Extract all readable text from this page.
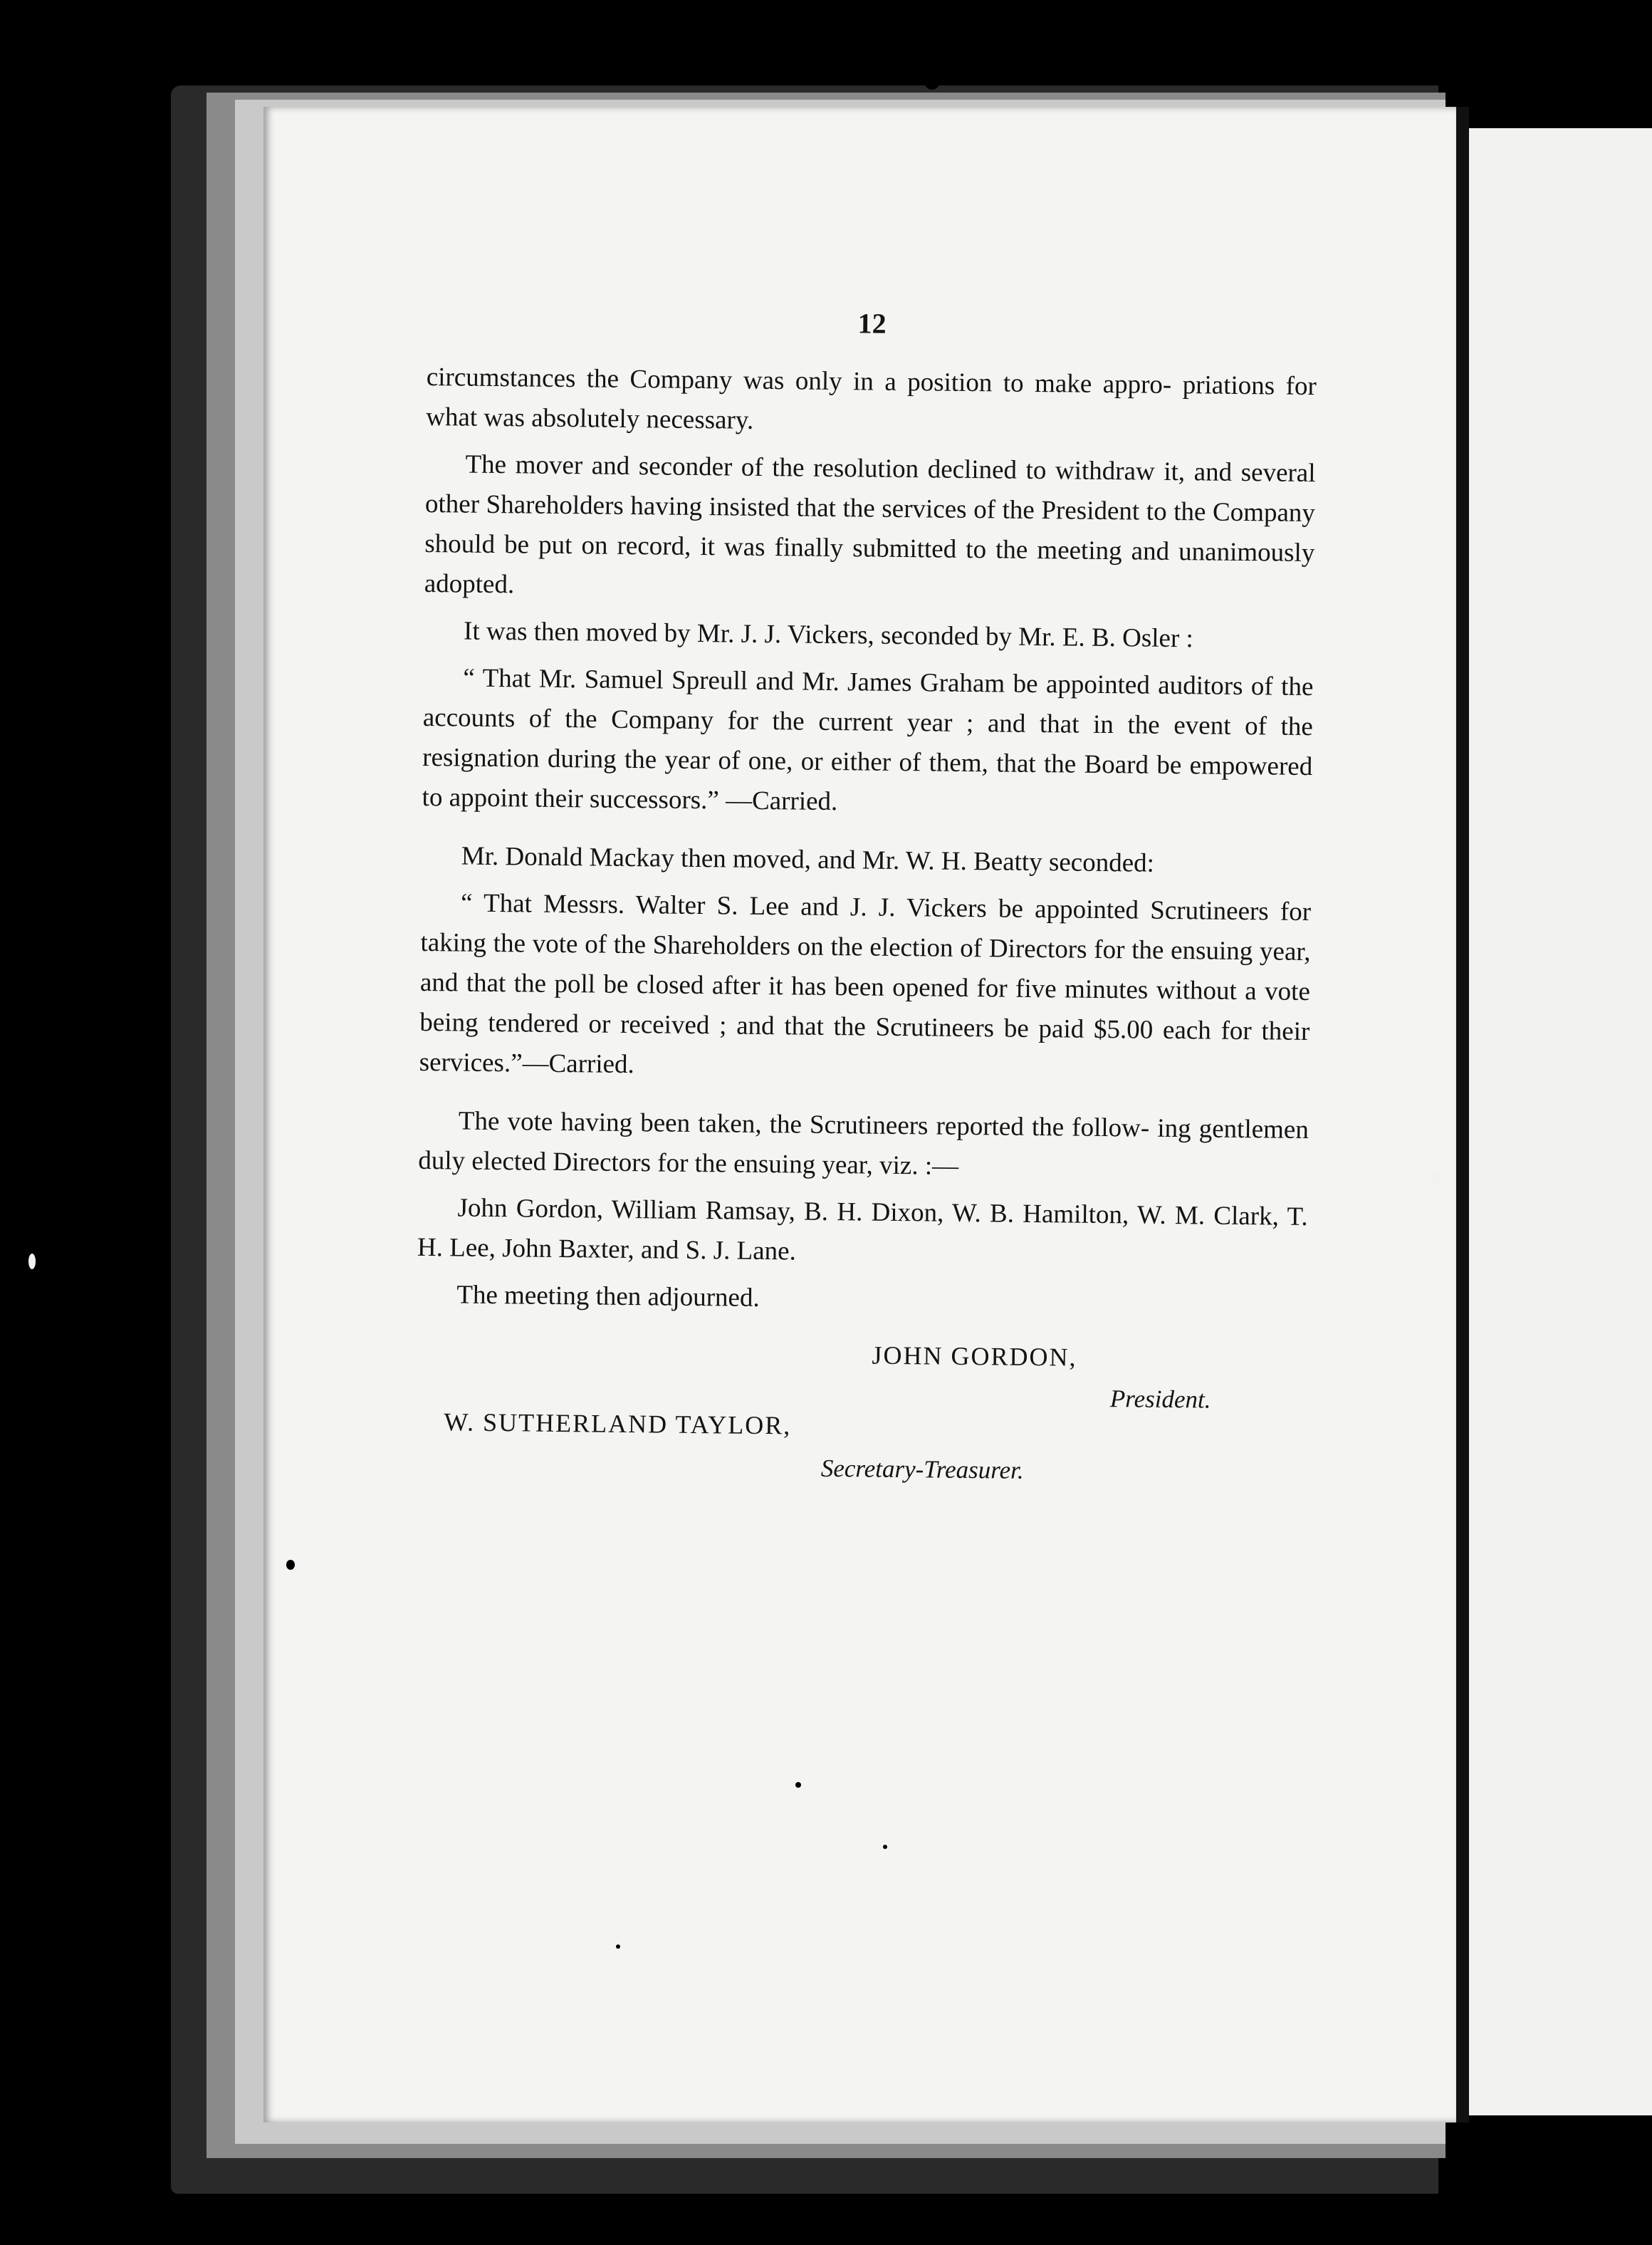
12

circumstances the Company was only in a position to make appro- priations for what was absolutely necessary.

The mover and seconder of the resolution declined to withdraw it, and several other Shareholders having insisted that the services of the President to the Company should be put on record, it was finally submitted to the meeting and unanimously adopted.

It was then moved by Mr. J. J. Vickers, seconded by Mr. E. B. Osler :

“ That Mr. Samuel Spreull and Mr. James Graham be appointed auditors of the accounts of the Company for the current year ; and that in the event of the resignation during the year of one, or either of them, that the Board be empowered to appoint their successors.” —Carried.

Mr. Donald Mackay then moved, and Mr. W. H. Beatty seconded:

“ That Messrs. Walter S. Lee and J. J. Vickers be appointed Scrutineers for taking the vote of the Shareholders on the election of Directors for the ensuing year, and that the poll be closed after it has been opened for five minutes without a vote being tendered or received ; and that the Scrutineers be paid $5.00 each for their services.”—Carried.

The vote having been taken, the Scrutineers reported the follow- ing gentlemen duly elected Directors for the ensuing year, viz. :—

John Gordon, William Ramsay, B. H. Dixon, W. B. Hamilton, W. M. Clark, T. H. Lee, John Baxter, and S. J. Lane.

The meeting then adjourned.

JOHN GORDON,
President.
W. SUTHERLAND TAYLOR,
Secretary-Treasurer.
